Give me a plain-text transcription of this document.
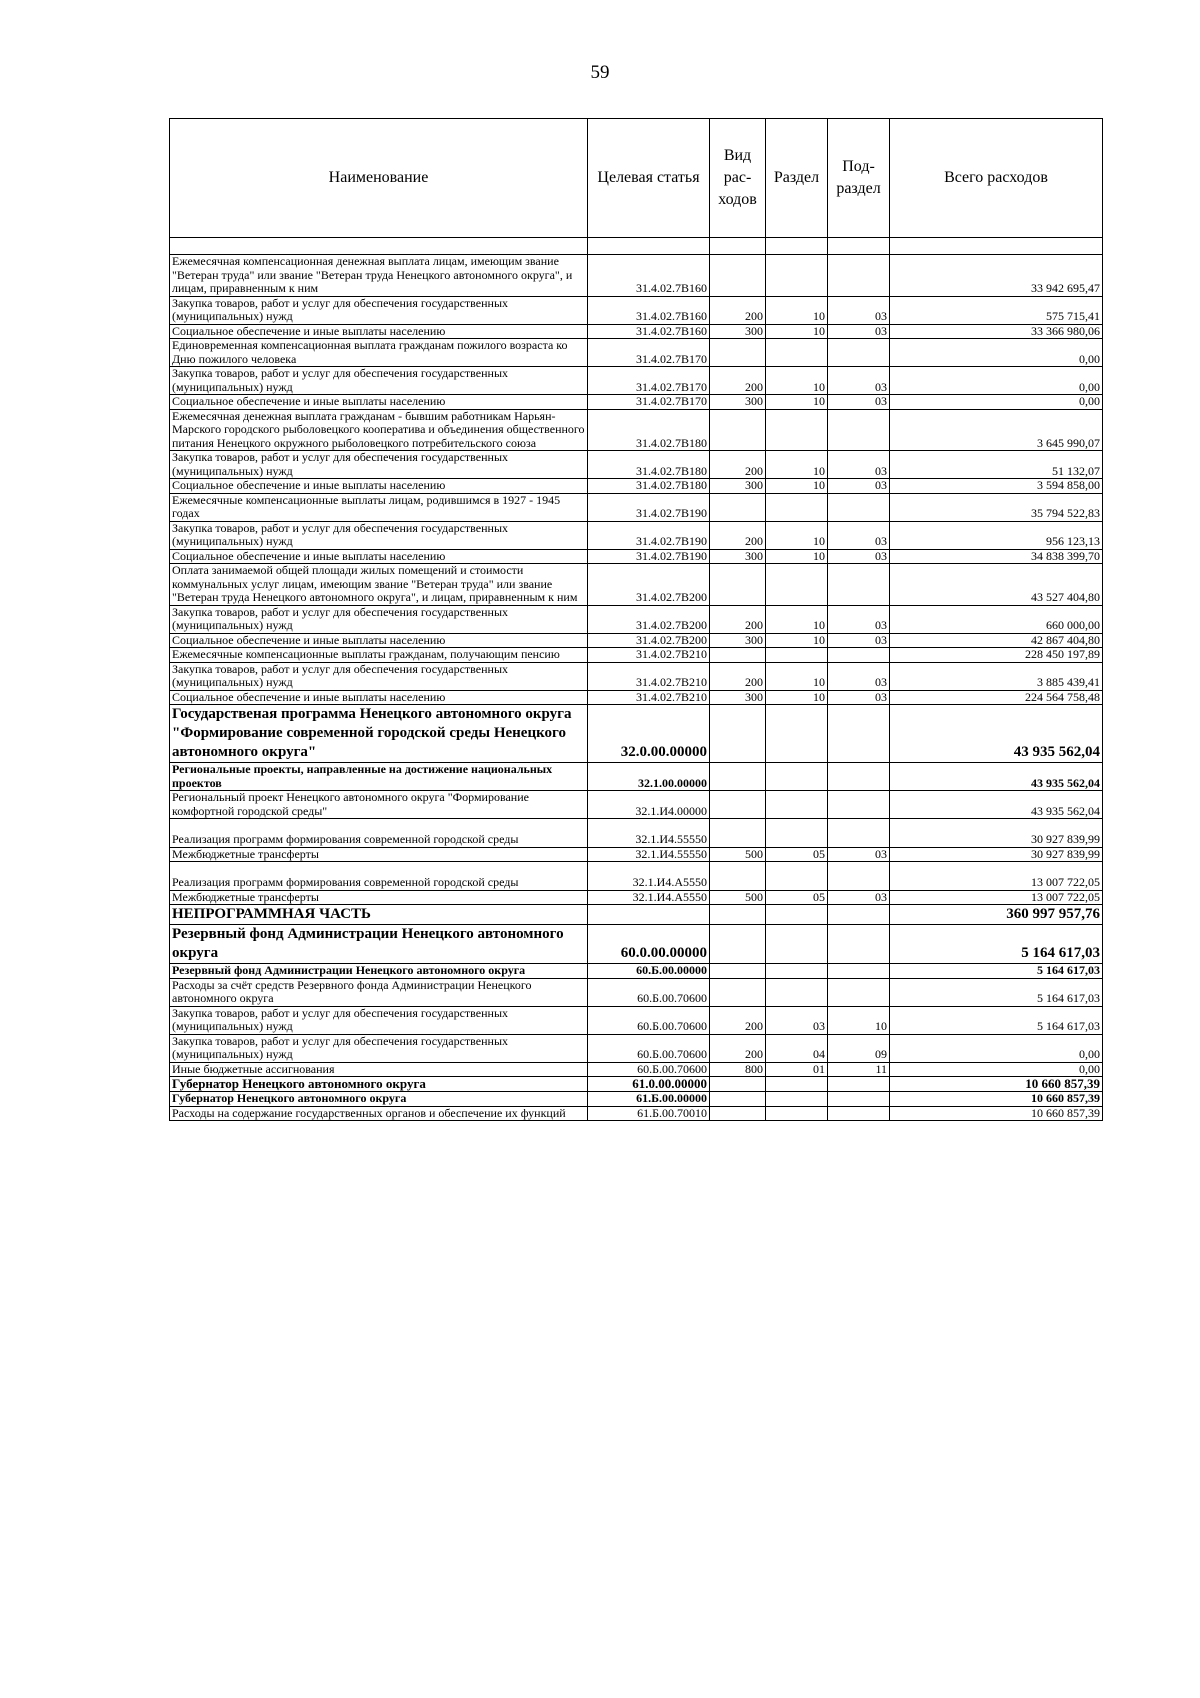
59
Наименование	Целевая статья	Вид рас- ходов	Раздел	Под- раздел	Всего расходов

Ежемесячная компенсационная денежная выплата лицам, имеющим звание "Ветеран труда" или звание "Ветеран труда Ненецкого автономного округа", и лицам, приравненным к ним	31.4.02.7В160				33 942 695,47
Закупка товаров, работ и услуг для обеспечения государственных (муниципальных) нужд	31.4.02.7В160	200	10	03	575 715,41
Социальное обеспечение и иные выплаты населению	31.4.02.7В160	300	10	03	33 366 980,06
Единовременная компенсационная выплата гражданам пожилого возраста ко Дню пожилого человека	31.4.02.7В170				0,00
Закупка товаров, работ и услуг для обеспечения государственных (муниципальных) нужд	31.4.02.7В170	200	10	03	0,00
Социальное обеспечение и иные выплаты населению	31.4.02.7В170	300	10	03	0,00
Ежемесячная денежная выплата гражданам - бывшим работникам Нарьян-Марского городского рыболовецкого кооператива и объединения общественного питания Ненецкого окружного рыболовецкого потребительского союза	31.4.02.7В180				3 645 990,07
Закупка товаров, работ и услуг для обеспечения государственных (муниципальных) нужд	31.4.02.7В180	200	10	03	51 132,07
Социальное обеспечение и иные выплаты населению	31.4.02.7В180	300	10	03	3 594 858,00
Ежемесячные компенсационные выплаты лицам, родившимся в 1927 - 1945 годах	31.4.02.7В190				35 794 522,83
Закупка товаров, работ и услуг для обеспечения государственных (муниципальных) нужд	31.4.02.7В190	200	10	03	956 123,13
Социальное обеспечение и иные выплаты населению	31.4.02.7В190	300	10	03	34 838 399,70
Оплата занимаемой общей площади жилых помещений и стоимости коммунальных услуг лицам, имеющим звание "Ветеран труда" или звание "Ветеран труда Ненецкого автономного округа", и лицам, приравненным к ним	31.4.02.7В200				43 527 404,80
Закупка товаров, работ и услуг для обеспечения государственных (муниципальных) нужд	31.4.02.7В200	200	10	03	660 000,00
Социальное обеспечение и иные выплаты населению	31.4.02.7В200	300	10	03	42 867 404,80
Ежемесячные компенсационные выплаты гражданам, получающим пенсию	31.4.02.7В210				228 450 197,89
Закупка товаров, работ и услуг для обеспечения государственных (муниципальных) нужд	31.4.02.7В210	200	10	03	3 885 439,41
Социальное обеспечение и иные выплаты населению	31.4.02.7В210	300	10	03	224 564 758,48
Государственая программа Ненецкого автономного округа "Формирование современной городской среды Ненецкого автономного округа"	32.0.00.00000				43 935 562,04
Региональные проекты, направленные на достижение национальных проектов	32.1.00.00000				43 935 562,04
Региональный проект Ненецкого автономного округа "Формирование комфортной городской среды"	32.1.И4.00000				43 935 562,04
Реализация программ формирования современной городской среды	32.1.И4.55550				30 927 839,99
Межбюджетные трансферты	32.1.И4.55550	500	05	03	30 927 839,99
Реализация программ формирования современной городской среды	32.1.И4.А5550				13 007 722,05
Межбюджетные трансферты	32.1.И4.А5550	500	05	03	13 007 722,05
НЕПРОГРАММНАЯ ЧАСТЬ					360 997 957,76
Резервный фонд Администрации Ненецкого автономного округа	60.0.00.00000				5 164 617,03
Резервный фонд Администрации Ненецкого автономного округа	60.Б.00.00000				5 164 617,03
Расходы за счёт средств Резервного фонда Администрации Ненецкого автономного округа	60.Б.00.70600				5 164 617,03
Закупка товаров, работ и услуг для обеспечения государственных (муниципальных) нужд	60.Б.00.70600	200	03	10	5 164 617,03
Закупка товаров, работ и услуг для обеспечения государственных (муниципальных) нужд	60.Б.00.70600	200	04	09	0,00
Иные бюджетные ассигнования	60.Б.00.70600	800	01	11	0,00
Губернатор Ненецкого автономного округа	61.0.00.00000				10 660 857,39
Губернатор Ненецкого автономного округа	61.Б.00.00000				10 660 857,39
Расходы на содержание государственных органов и обеспечение их функций	61.Б.00.70010				10 660 857,39
